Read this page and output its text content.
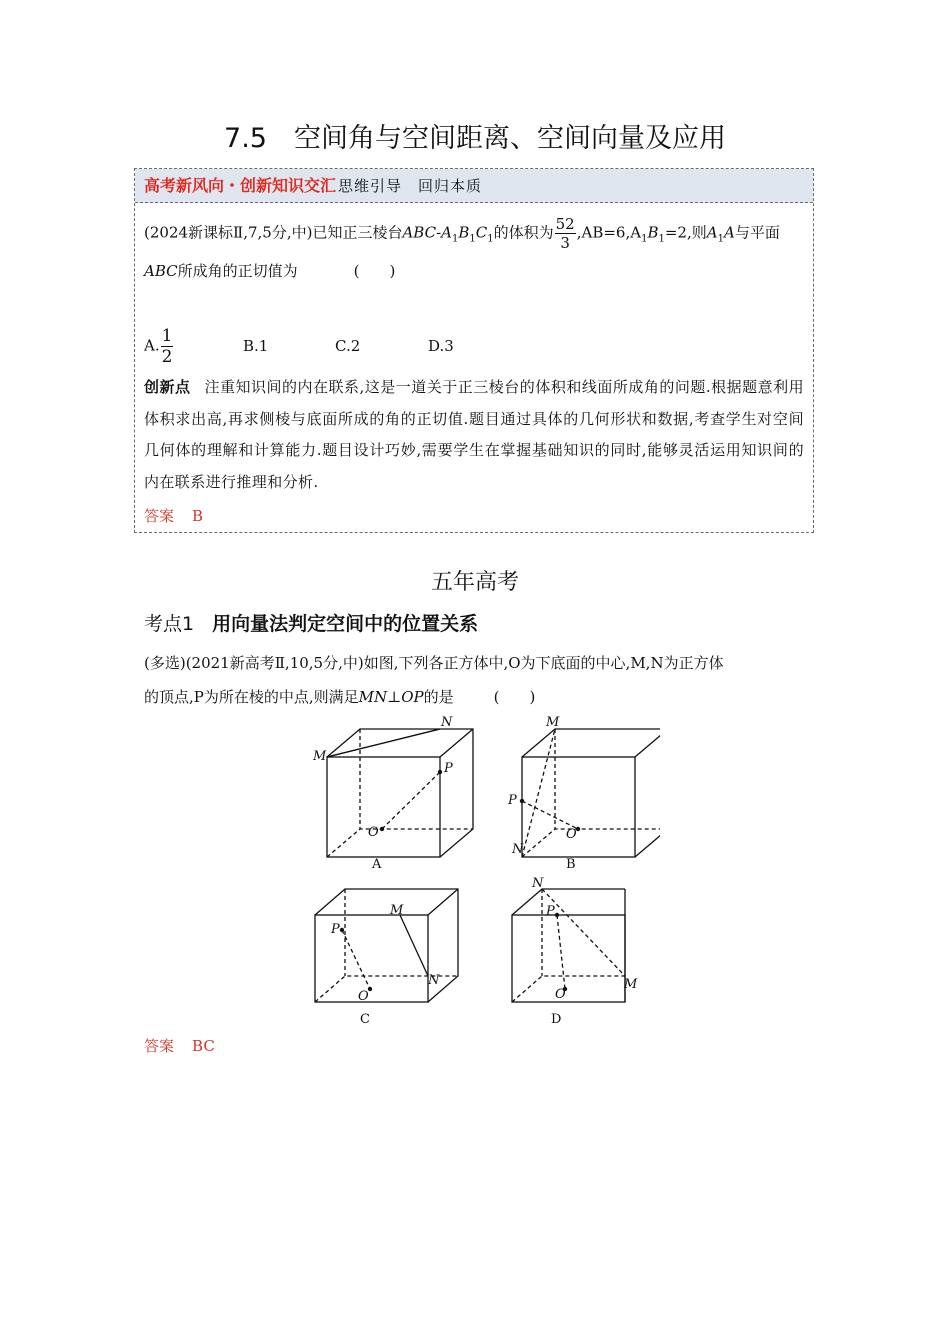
7.5　空间角与空间距离、空间向量及应用
高考新风向・创新知识交汇 思维引导　回归本质
(2024新课标Ⅱ,7,5分,中)已知正三棱台ABC-$A_1B_1C_1$的体积为 $\frac{52}{3} ,AB=6,A_1B_1=2$,则$A_1A$与平面
ABC所成角的正切值为	(　　)
A. $\frac{1}{2}$	B.1	C.2	D.3
创新点 注重知识间的内在联系,这是一道关于正三棱台的体积和线面所成角的问题.根据题意利用体积求出高,再求侧棱与底面所成的角的正切值.题目通过具体的几何形状和数据,考查学生对空间几何体的理解和计算能力.题目设计巧妙,需要学生在掌握基础知识的同时,能够灵活运用知识间的内在联系进行推理和分析.
答案 B
五年高考
考点1 用向量法判定空间中的位置关系
(多选)(2021新高考Ⅱ,10,5分,中)如图,下列各正方体中,O为下底面的中心,M,N为正方体
的顶点,P为所在棱的中点,则满足MN⊥OP的是	(　　)
M
N
P
O
M
P
N
O
P
M
N
O
N
P
M
O
A	B
C	D
答案 BC
